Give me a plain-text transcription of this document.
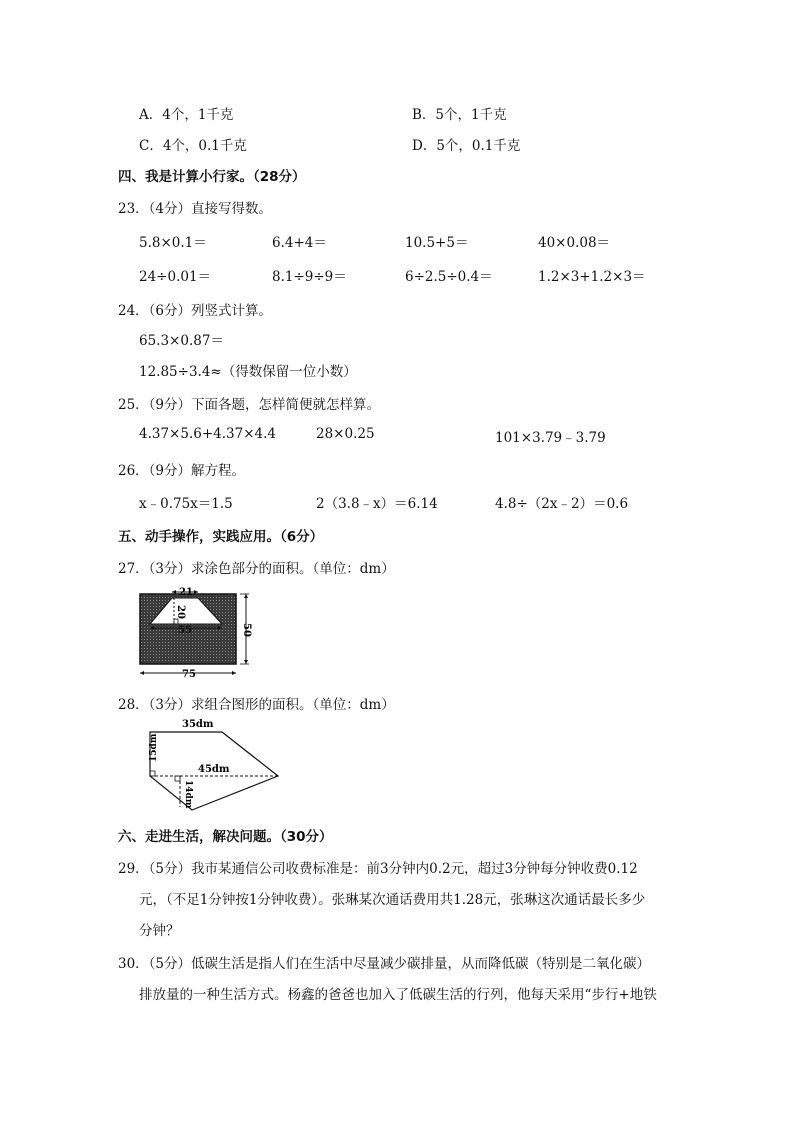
A．4个，1千克	B．5个，1千克
C．4个，0.1千克	D．5个，0.1千克
四、我是计算小行家。（28分）
23．（4分）直接写得数。
5.8×0.1＝	6.4+4＝	10.5+5＝	40×0.08＝
24÷0.01＝	8.1÷9÷9＝	6÷2.5÷0.4＝	1.2×3+1.2×3＝
24．（6分）列竖式计算。
65.3×0.87＝
12.85÷3.4≈（得数保留一位小数）
25．（9分）下面各题，怎样简便就怎样算。
4.37×5.6+4.37×4.4	28×0.25	101×3.79﹣3.79
26．（9分）解方程。
x﹣0.75x＝1.5	2（3.8﹣x）＝6.14	4.8÷（2x﹣2）＝0.6
五、动手操作，实践应用。（6分）
27．（3分）求涂色部分的面积。（单位：dm）
21
20
55	50
75
28．（3分）求组合图形的面积。（单位：dm）
35dm
15dm
45dm
14dm
六、走进生活，解决问题。（30分）
29．（5分）我市某通信公司收费标准是：前3分钟内0.2元，超过3分钟每分钟收费0.12
元，（不足1分钟按1分钟收费）。张琳某次通话费用共1.28元，张琳这次通话最长多少
分钟？
30．（5分）低碳生活是指人们在生活中尽量减少碳排量，从而降低碳（特别是二氧化碳）
排放量的一种生活方式。杨鑫的爸爸也加入了低碳生活的行列，他每天采用“步行+地铁
